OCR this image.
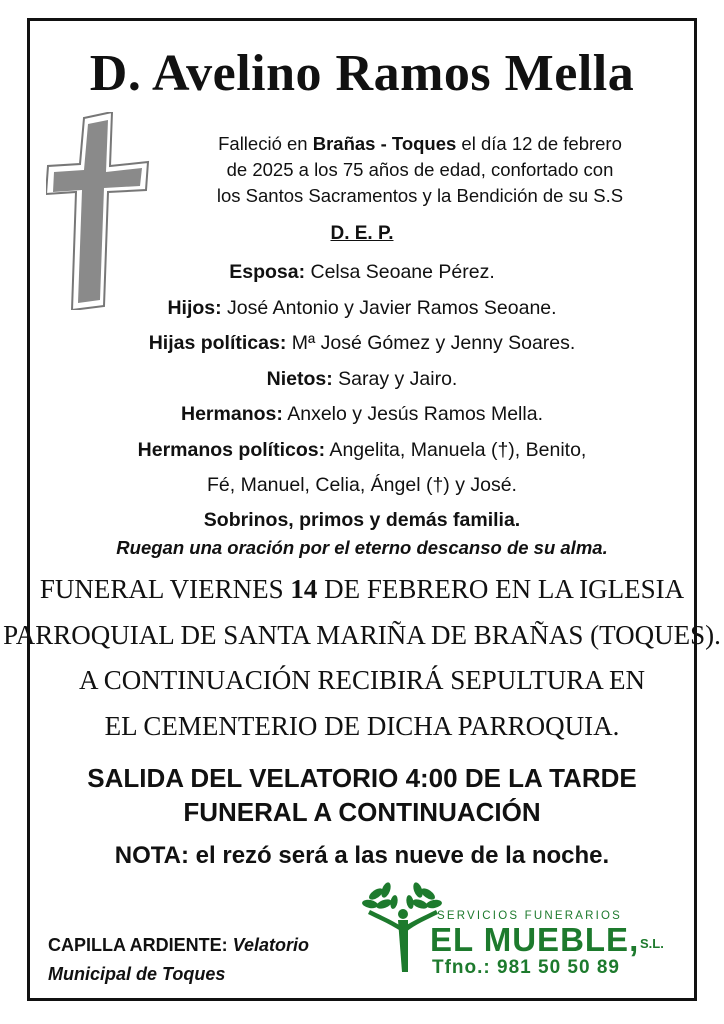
D. Avelino Ramos Mella
Falleció en Brañas - Toques el día 12 de febrero
de 2025 a los 75 años de edad, confortado con
los Santos Sacramentos y la Bendición de su S.S
D. E. P.
Esposa: Celsa Seoane Pérez.
Hijos: José Antonio y Javier Ramos Seoane.
Hijas políticas: Mª José Gómez y Jenny Soares.
Nietos: Saray y Jairo.
Hermanos: Anxelo y Jesús Ramos Mella.
Hermanos políticos: Angelita, Manuela (†), Benito,
Fé, Manuel, Celia, Ángel (†) y José.
Sobrinos, primos y demás familia.
Ruegan una oración por el eterno descanso de su alma.
FUNERAL VIERNES 14 DE FEBRERO EN LA IGLESIA
PARROQUIAL DE SANTA MARIÑA DE BRAÑAS (TOQUES).
A CONTINUACIÓN RECIBIRÁ SEPULTURA EN
EL CEMENTERIO DE DICHA PARROQUIA.
SALIDA DEL VELATORIO 4:00 DE LA TARDE
FUNERAL A CONTINUACIÓN
NOTA: el rezó será a las nueve de la noche.
CAPILLA ARDIENTE: Velatorio
Municipal de Toques
SERVICIOS FUNERARIOS
EL MUEBLE, S.L.
Tfno.: 981 50 50 89
